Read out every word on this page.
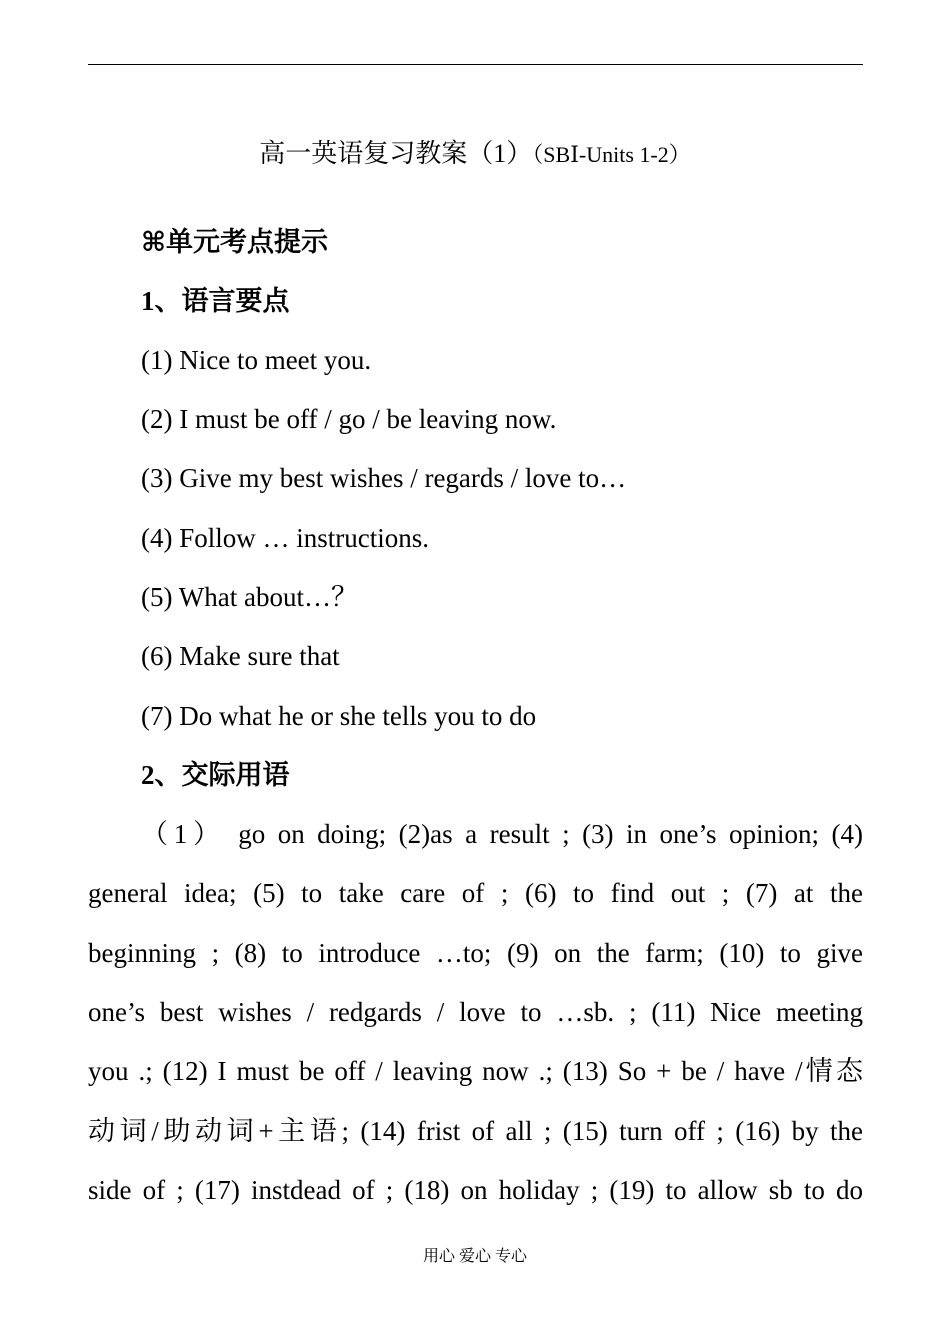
高一英语复习教案（1）（SBⅠ-Units 1-2）
⌘单元考点提示
1、语言要点
(1) Nice to meet you.
(2) I must be off / go / be leaving now.
(3) Give my best wishes / regards / love to…
(4) Follow … instructions.
(5) What about…？
(6) Make sure that
(7) Do what he or she tells you to do
2、交际用语
（1） go on doing; (2)as a result ; (3) in one’s opinion; (4)
general idea; (5) to take care of ; (6) to find out ; (7) at the
beginning ; (8) to introduce …to; (9) on the farm; (10) to give
one’s best wishes / redgards / love to …sb. ; (11) Nice meeting
you .; (12) I must be off / leaving now .; (13) So + be / have /情态
动词/助动词+主语; (14) frist of all ; (15) turn off ; (16) by the
side of ; (17) instdead of ; (18) on holiday ; (19) to allow sb to do
用心 爱心 专心
